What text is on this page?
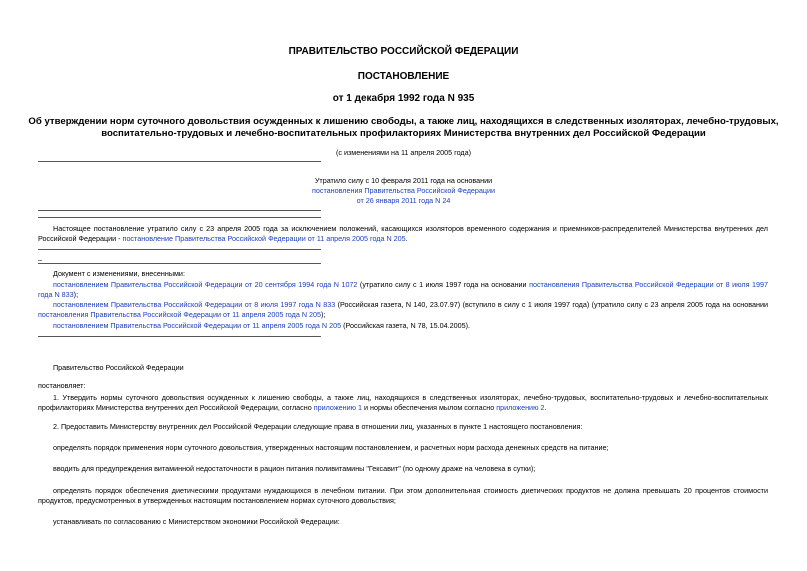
ПРАВИТЕЛЬСТВО РОССИЙСКОЙ ФЕДЕРАЦИИ
ПОСТАНОВЛЕНИЕ
от 1 декабря 1992 года N 935
Об утверждении норм суточного довольствия осужденных к лишению свободы, а также лиц, находящихся в следственных изоляторах, лечебно-трудовых,
воспитательно-трудовых и лечебно-воспитательных профилакториях Министерства внутренних дел Российской Федерации
(с изменениями на 11 апреля 2005 года)
Утратило силу с 10 февраля 2011 года на основании
постановления Правительства Российской Федерации
от 26 января 2011 года N 24
Настоящее постановление утратило силу с 23 апреля 2005 года за исключением положений, касающихся изоляторов временного содержания и приемников-распределителей Министерства внутренних дел Российской Федерации - постановление Правительства Российской Федерации от 11 апреля 2005 года N 205.
_
Документ с изменениями, внесенными:
постановлением Правительства Российской Федерации от 20 сентября 1994 года N 1072 (утратило силу с 1 июля 1997 года на основании постановления Правительства Российской Федерации от 8 июля 1997 года N 833);
постановлением Правительства Российской Федерации от 8 июля 1997 года N 833 (Российская газета, N 140, 23.07.97) (вступило в силу с 1 июля 1997 года) (утратило силу с 23 апреля 2005 года на основании постановления Правительства Российской Федерации от 11 апреля 2005 года N 205);
постановлением Правительства Российской Федерации от 11 апреля 2005 года N 205 (Российская газета, N 78, 15.04.2005).
Правительство Российской Федерации
постановляет:
1. Утвердить нормы суточного довольствия осужденных к лишению свободы, а также лиц, находящихся в следственных изоляторах, лечебно-трудовых, воспитательно-трудовых и лечебно-воспитательных профилакториях Министерства внутренних дел Российской Федерации, согласно приложению 1 и нормы обеспечения мылом согласно приложению 2.
2. Предоставить Министерству внутренних дел Российской Федерации следующие права в отношении лиц, указанных в пункте 1 настоящего постановления:
определять порядок применения норм суточного довольствия, утвержденных настоящим постановлением, и расчетных норм расхода денежных средств на питание;
вводить для предупреждения витаминной недостаточности в рацион питания поливитамины "Гексавит" (по одному драже на человека в сутки);
определять порядок обеспечения диетическими продуктами нуждающихся в лечебном питании. При этом дополнительная стоимость диетических продуктов не должна превышать 20 процентов стоимости продуктов, предусмотренных в утвержденных настоящим постановлением нормах суточного довольствия;
устанавливать по согласованию с Министерством экономики Российской Федерации:
